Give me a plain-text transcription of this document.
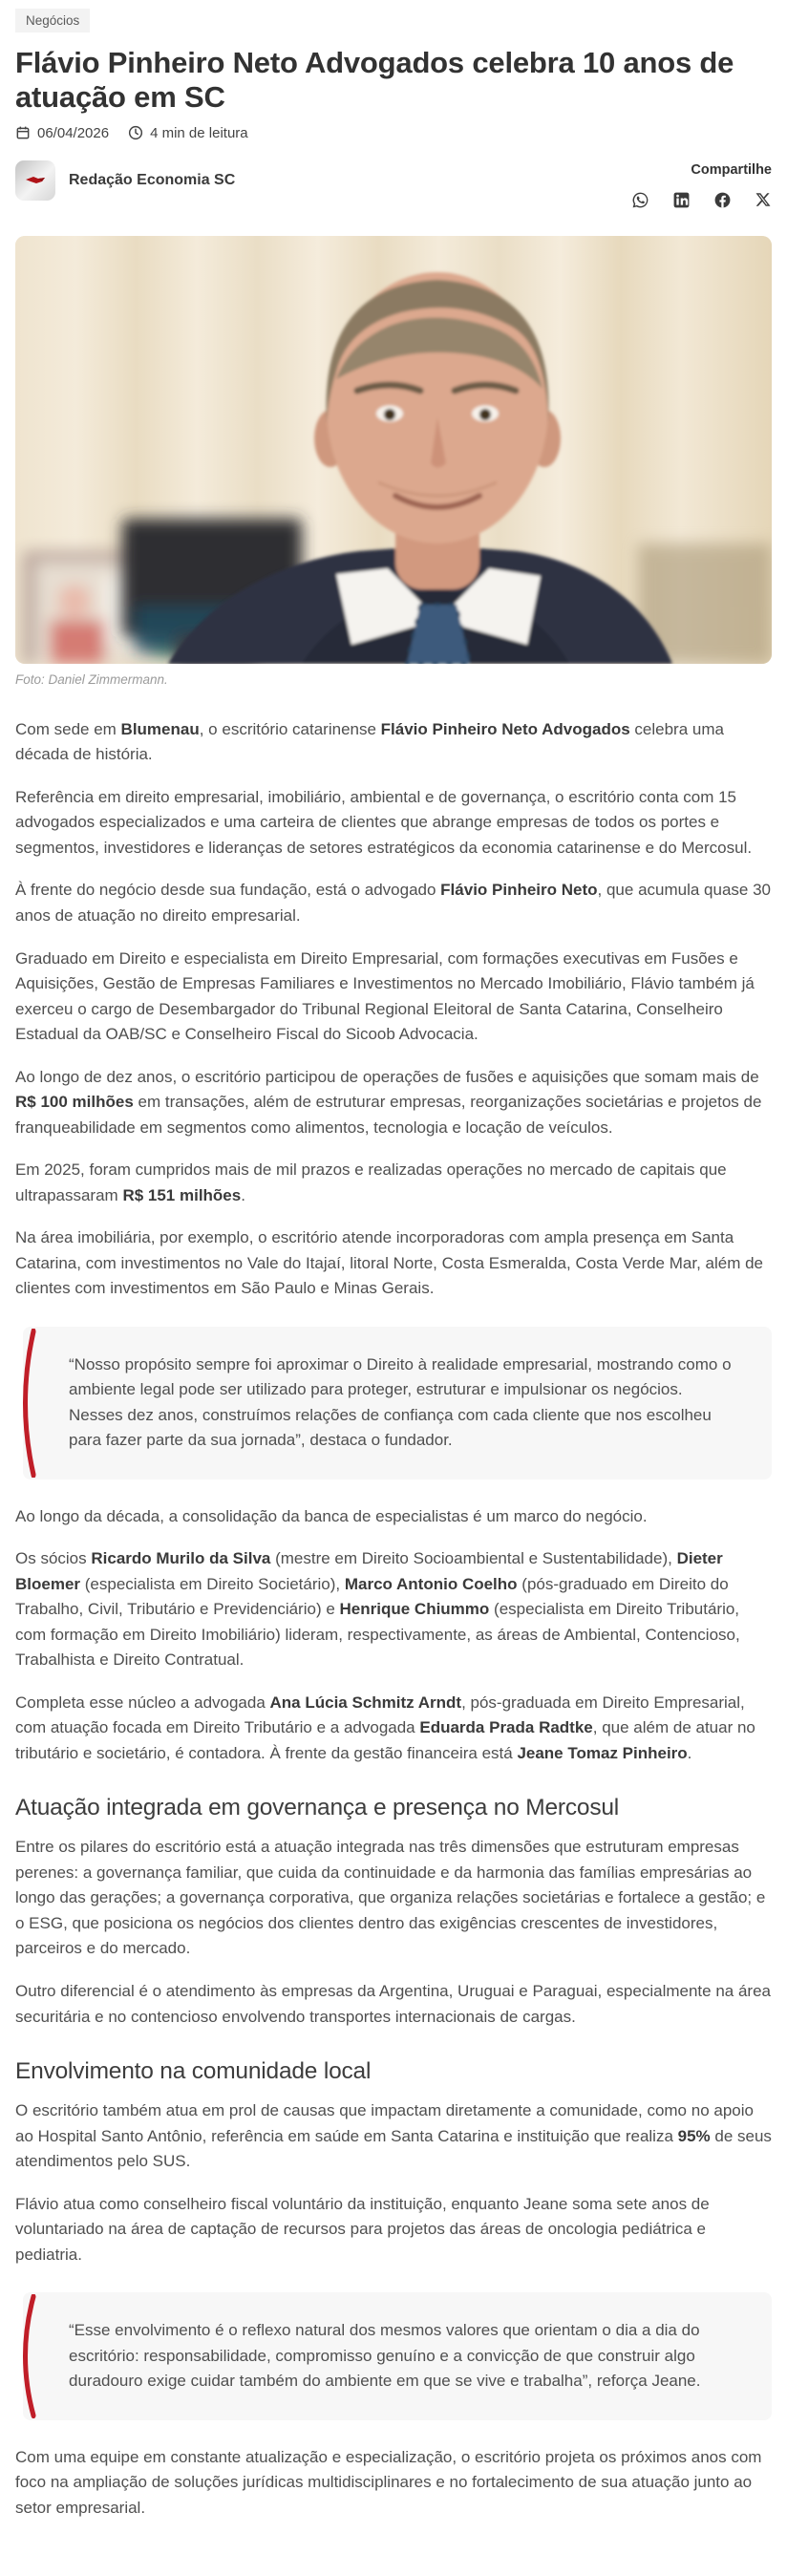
Negócios
Flávio Pinheiro Neto Advogados celebra 10 anos de atuação em SC
06/04/2026	4 min de leitura
Redação Economia SC
Compartilhe

Foto: Daniel Zimmermann.

Com sede em Blumenau, o escritório catarinense Flávio Pinheiro Neto Advogados celebra uma década de história.

Referência em direito empresarial, imobiliário, ambiental e de governança, o escritório conta com 15 advogados especializados e uma carteira de clientes que abrange empresas de todos os portes e segmentos, investidores e lideranças de setores estratégicos da economia catarinense e do Mercosul.

À frente do negócio desde sua fundação, está o advogado Flávio Pinheiro Neto, que acumula quase 30 anos de atuação no direito empresarial.

Graduado em Direito e especialista em Direito Empresarial, com formações executivas em Fusões e Aquisições, Gestão de Empresas Familiares e Investimentos no Mercado Imobiliário, Flávio também já exerceu o cargo de Desembargador do Tribunal Regional Eleitoral de Santa Catarina, Conselheiro Estadual da OAB/SC e Conselheiro Fiscal do Sicoob Advocacia.

Ao longo de dez anos, o escritório participou de operações de fusões e aquisições que somam mais de R$ 100 milhões em transações, além de estruturar empresas, reorganizações societárias e projetos de franqueabilidade em segmentos como alimentos, tecnologia e locação de veículos.

Em 2025, foram cumpridos mais de mil prazos e realizadas operações no mercado de capitais que ultrapassaram R$ 151 milhões.

Na área imobiliária, por exemplo, o escritório atende incorporadoras com ampla presença em Santa Catarina, com investimentos no Vale do Itajaí, litoral Norte, Costa Esmeralda, Costa Verde Mar, além de clientes com investimentos em São Paulo e Minas Gerais.

“Nosso propósito sempre foi aproximar o Direito à realidade empresarial, mostrando como o ambiente legal pode ser utilizado para proteger, estruturar e impulsionar os negócios. Nesses dez anos, construímos relações de confiança com cada cliente que nos escolheu para fazer parte da sua jornada”, destaca o fundador.

Ao longo da década, a consolidação da banca de especialistas é um marco do negócio.

Os sócios Ricardo Murilo da Silva (mestre em Direito Socioambiental e Sustentabilidade), Dieter Bloemer (especialista em Direito Societário), Marco Antonio Coelho (pós-graduado em Direito do Trabalho, Civil, Tributário e Previdenciário) e Henrique Chiummo (especialista em Direito Tributário, com formação em Direito Imobiliário) lideram, respectivamente, as áreas de Ambiental, Contencioso, Trabalhista e Direito Contratual.

Completa esse núcleo a advogada Ana Lúcia Schmitz Arndt, pós-graduada em Direito Empresarial, com atuação focada em Direito Tributário e a advogada Eduarda Prada Radtke, que além de atuar no tributário e societário, é contadora. À frente da gestão financeira está Jeane Tomaz Pinheiro.

Atuação integrada em governança e presença no Mercosul

Entre os pilares do escritório está a atuação integrada nas três dimensões que estruturam empresas perenes: a governança familiar, que cuida da continuidade e da harmonia das famílias empresárias ao longo das gerações; a governança corporativa, que organiza relações societárias e fortalece a gestão; e o ESG, que posiciona os negócios dos clientes dentro das exigências crescentes de investidores, parceiros e do mercado.

Outro diferencial é o atendimento às empresas da Argentina, Uruguai e Paraguai, especialmente na área securitária e no contencioso envolvendo transportes internacionais de cargas.

Envolvimento na comunidade local

O escritório também atua em prol de causas que impactam diretamente a comunidade, como no apoio ao Hospital Santo Antônio, referência em saúde em Santa Catarina e instituição que realiza 95% de seus atendimentos pelo SUS.

Flávio atua como conselheiro fiscal voluntário da instituição, enquanto Jeane soma sete anos de voluntariado na área de captação de recursos para projetos das áreas de oncologia pediátrica e pediatria.

“Esse envolvimento é o reflexo natural dos mesmos valores que orientam o dia a dia do escritório: responsabilidade, compromisso genuíno e a convicção de que construir algo duradouro exige cuidar também do ambiente em que se vive e trabalha”, reforça Jeane.

Com uma equipe em constante atualização e especialização, o escritório projeta os próximos anos com foco na ampliação de soluções jurídicas multidisciplinares e no fortalecimento de sua atuação junto ao setor empresarial.
